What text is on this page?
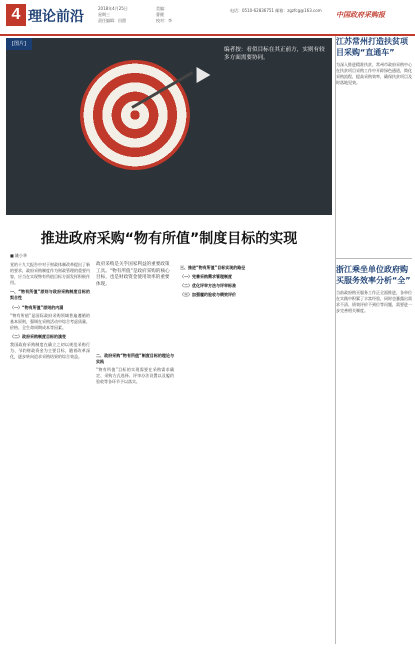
4 理论前沿
2018年4月25日
星期三
责任编辑：田甜
美编：
曹健
校对：李
电话：0510-62836751 邮箱：zgzfcg@163.com 中国政府采购报
[图片]
编者按：看似目标在其正前方，实则有较多方面需要协同。
推进政府采购“物有所值”制度目标的实现
■ 姚小华

党的十九大报告中对于财政体制改革提出了新的要求，政府采购制度作为财政管理的重要内容，应当在实现物有所值目标方面发挥积极作用。

一、“物有所值”原则与政府采购制度目标的契合性
（一）“物有所值”原则的内涵

“物有所值”是国际政府采购领域普遍遵循的基本原则，强调在采购活动中综合考虑质量、价格、全生命周期成本等因素。

（二）政府采购制度目标的演变

我国政府采购制度在确立之初以规范采购行为、节约财政资金为主要目标，随着改革深化，逐步转向追求采购结果的综合效益。

政府采购是关乎国家利益的重要政策工具。“物有所值”是政府采购的核心目标，也是财政资金使用效率的重要体现。
二、政府采购“物有所值”制度目标的理论与实践

“物有所值”目标的实现需要在采购需求确定、采购方式选择、评审办法设置以及履约验收等各环节予以落实。

三、推进“物有所值”目标实现的路径
（一）完善采购需求管理制度
（二）优化评审方法与评审标准
（三）加强履约验收与绩效评价
江苏常州打造扶贫项目采购“直通车”
为深入推进精准扶贫，常州市政府采购中心在扶贫项目采购工作中开辟绿色通道，简化采购流程，提高采购效率，确保扶贫项目及时落地见效。
浙江乘坐单位政府购买服务效率分析“全”
当前政府购买服务工作正全面推进，各单位在实践中积累了丰富经验，同时也暴露出需求不清、绩效评价不到位等问题，需要进一步完善相关制度。
